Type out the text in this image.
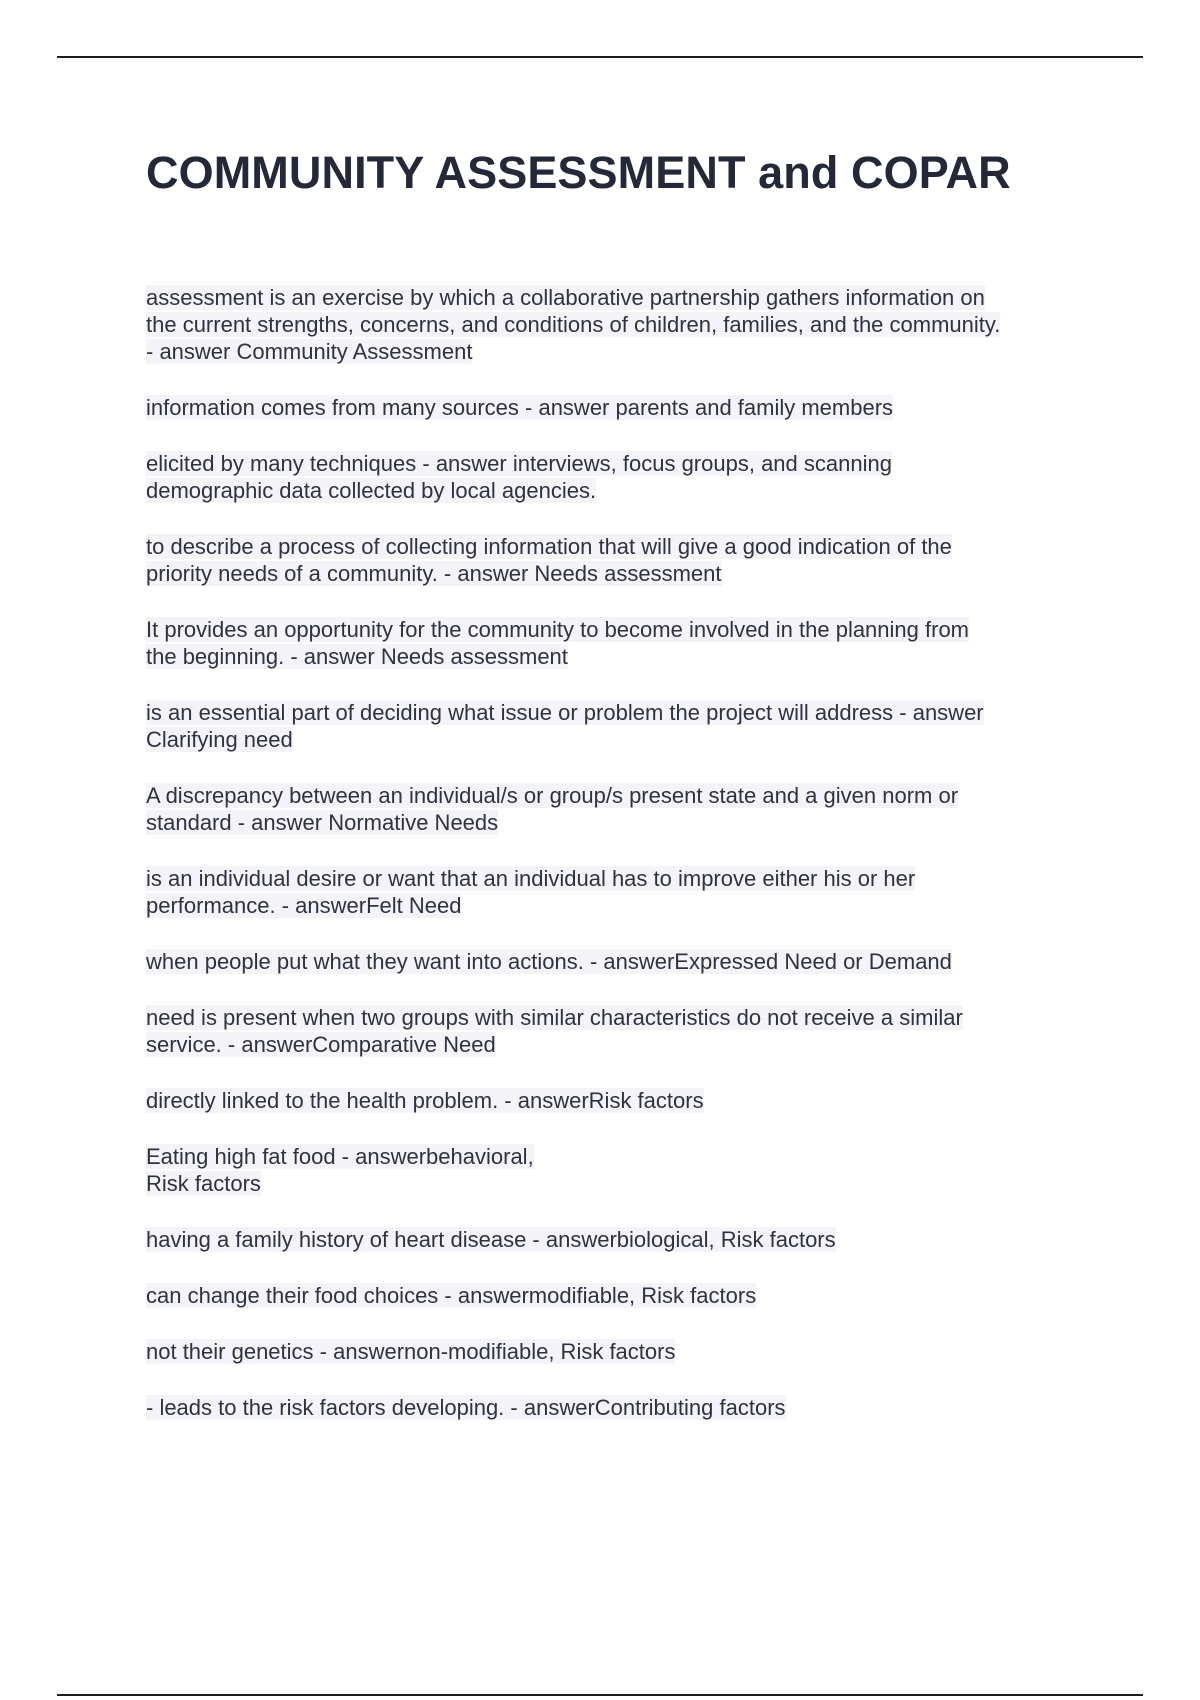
COMMUNITY ASSESSMENT and COPAR
assessment is an exercise by which a collaborative partnership gathers information on
the current strengths, concerns, and conditions of children, families, and the community.
- answer Community Assessment
information comes from many sources - answer parents and family members
elicited by many techniques - answer interviews, focus groups, and scanning
demographic data collected by local agencies.
to describe a process of collecting information that will give a good indication of the
priority needs of a community. - answer Needs assessment
It provides an opportunity for the community to become involved in the planning from
the beginning. - answer Needs assessment
is an essential part of deciding what issue or problem the project will address - answer
Clarifying need
A discrepancy between an individual/s or group/s present state and a given norm or
standard - answer Normative Needs
is an individual desire or want that an individual has to improve either his or her
performance. - answerFelt Need
when people put what they want into actions. - answerExpressed Need or Demand
need is present when two groups with similar characteristics do not receive a similar
service. - answerComparative Need
directly linked to the health problem. - answerRisk factors
Eating high fat food - answerbehavioral,
Risk factors
having a family history of heart disease - answerbiological, Risk factors
can change their food choices - answermodifiable, Risk factors
not their genetics - answernon-modifiable, Risk factors
- leads to the risk factors developing. - answerContributing factors
